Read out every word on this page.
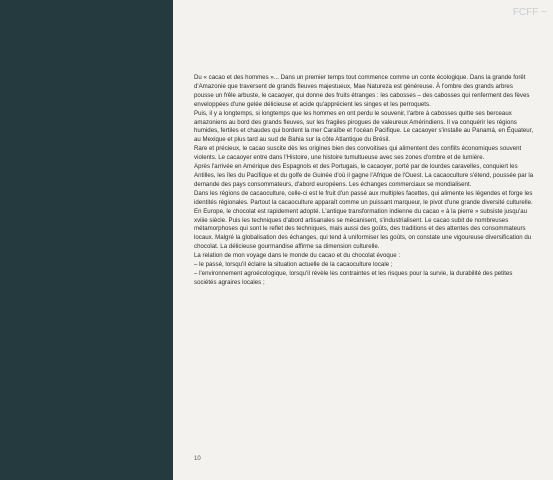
FCFF ~

Du « cacao et des hommes »... Dans un premier temps tout commence comme un conte écologique. Dans la grande forêt d'Amazonie que traversent de grands fleuves majestueux, Mae Natureza est généreuse. À l'ombre des grands arbres pousse un frêle arbuste, le cacaoyer, qui donne des fruits étranges : les cabosses – des cabosses qui renferment des fèves enveloppées d'une gelée délicieuse et acide qu'apprécient les singes et les perroquets.

Puis, il y a longtemps, si longtemps que les hommes en ont perdu le souvenir, l'arbre à cabosses quitte ses berceaux amazoniens au bord des grands fleuves, sur les fragiles pirogues de valeureux Amérindiens. Il va conquérir les régions humides, fertiles et chaudes qui bordent la mer Caraïbe et l'océan Pacifique. Le cacaoyer s'installe au Panamá, en Équateur, au Mexique et plus tard au sud de Bahia sur la côte Atlantique du Brésil.

Rare et précieux, le cacao suscite dès les origines bien des convoitises qui alimentent des conflits économiques souvent violents. Le cacaoyer entre dans l'Histoire, une histoire tumultueuse avec ses zones d'ombre et de lumière.

Après l'arrivée en Amérique des Espagnols et des Portugais, le cacaoyer, porté par de lourdes caravelles, conquiert les Antilles, les îles du Pacifique et du golfe de Guinée d'où il gagne l'Afrique de l'Ouest. La cacaoculture s'étend, poussée par la demande des pays consommateurs, d'abord européens. Les échanges commerciaux se mondialisent.

Dans les régions de cacaoculture, celle-ci est le fruit d'un passé aux multiples facettes, qui alimente les légendes et forge les identités régionales. Partout la cacaoculture apparaît comme un puissant marqueur, le pivot d'une grande diversité culturelle.

En Europe, le chocolat est rapidement adopté. L'antique transformation indienne du cacao « à la pierre » subsiste jusqu'au xviiie siècle. Puis les techniques d'abord artisanales se mécanisent, s'industrialisent. Le cacao subit de nombreuses métamorphoses qui sont le reflet des techniques, mais aussi des goûts, des traditions et des attentes des consommateurs locaux. Malgré la globalisation des échanges, qui tend à uniformiser les goûts, on constate une vigoureuse diversification du chocolat. La délicieuse gourmandise affirme sa dimension culturelle.

La relation de mon voyage dans le monde du cacao et du chocolat évoque :

– le passé, lorsqu'il éclaire la situation actuelle de la cacaoculture locale ;

– l'environnement agroécologique, lorsqu'il révèle les contraintes et les risques pour la survie, la durabilité des petites sociétés agraires locales ;

10
